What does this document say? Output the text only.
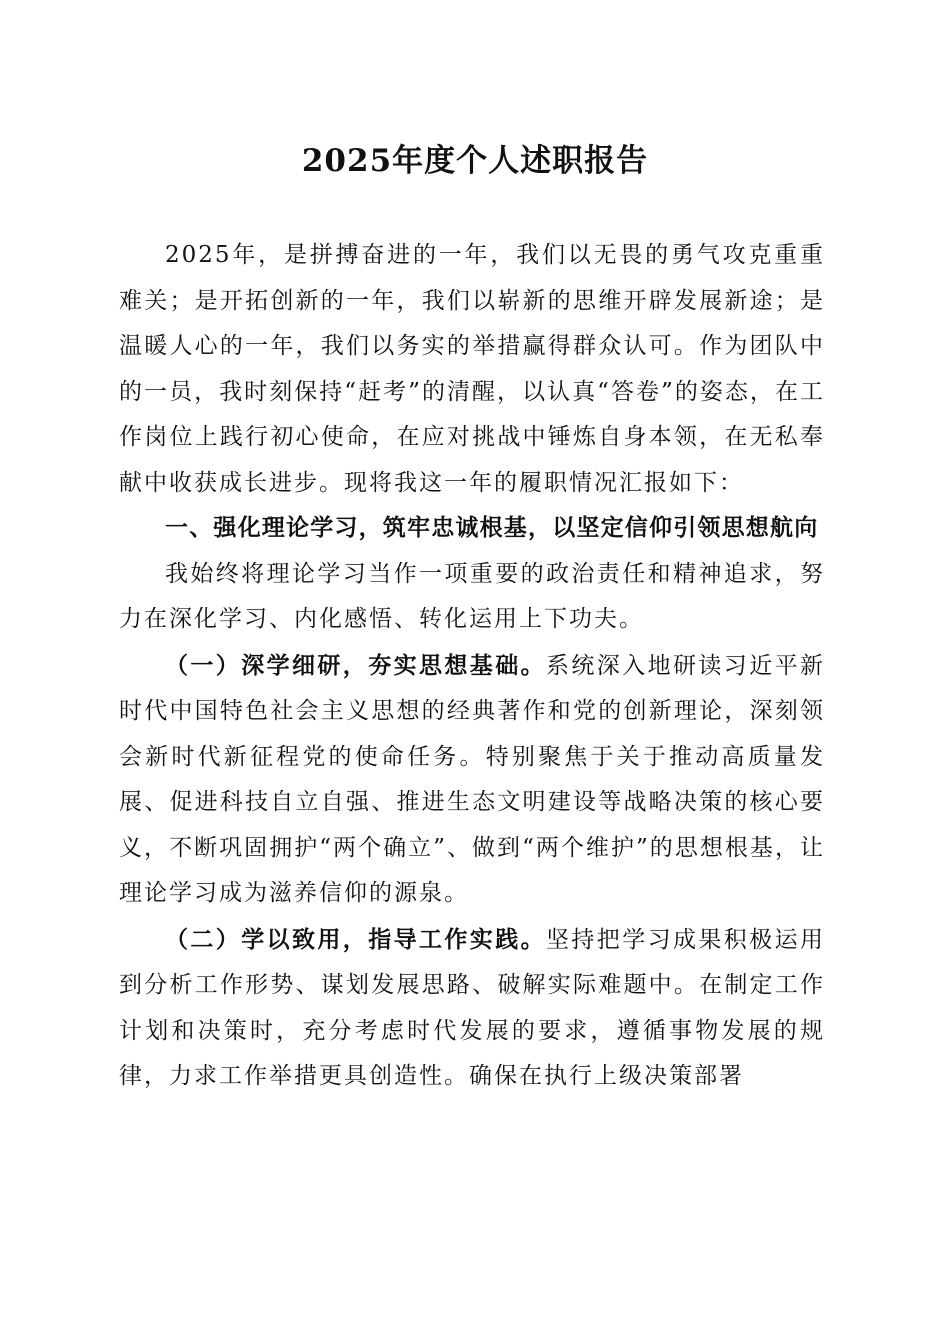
2025年度个人述职报告

2025年，是拼搏奋进的一年，我们以无畏的勇气攻克重重难关；是开拓创新的一年，我们以崭新的思维开辟发展新途；是温暖人心的一年，我们以务实的举措赢得群众认可。作为团队中的一员，我时刻保持“赶考”的清醒，以认真“答卷”的姿态，在工作岗位上践行初心使命，在应对挑战中锤炼自身本领，在无私奉献中收获成长进步。现将我这一年的履职情况汇报如下：

一、强化理论学习，筑牢忠诚根基，以坚定信仰引领思想航向

我始终将理论学习当作一项重要的政治责任和精神追求，努力在深化学习、内化感悟、转化运用上下功夫。

（一）深学细研，夯实思想基础。系统深入地研读习近平新时代中国特色社会主义思想的经典著作和党的创新理论，深刻领会新时代新征程党的使命任务。特别聚焦于关于推动高质量发展、促进科技自立自强、推进生态文明建设等战略决策的核心要义，不断巩固拥护“两个确立”、做到“两个维护”的思想根基，让理论学习成为滋养信仰的源泉。

（二）学以致用，指导工作实践。坚持把学习成果积极运用到分析工作形势、谋划发展思路、破解实际难题中。在制定工作计划和决策时，充分考虑时代发展的要求，遵循事物发展的规律，力求工作举措更具创造性。确保在执行上级决策部署
